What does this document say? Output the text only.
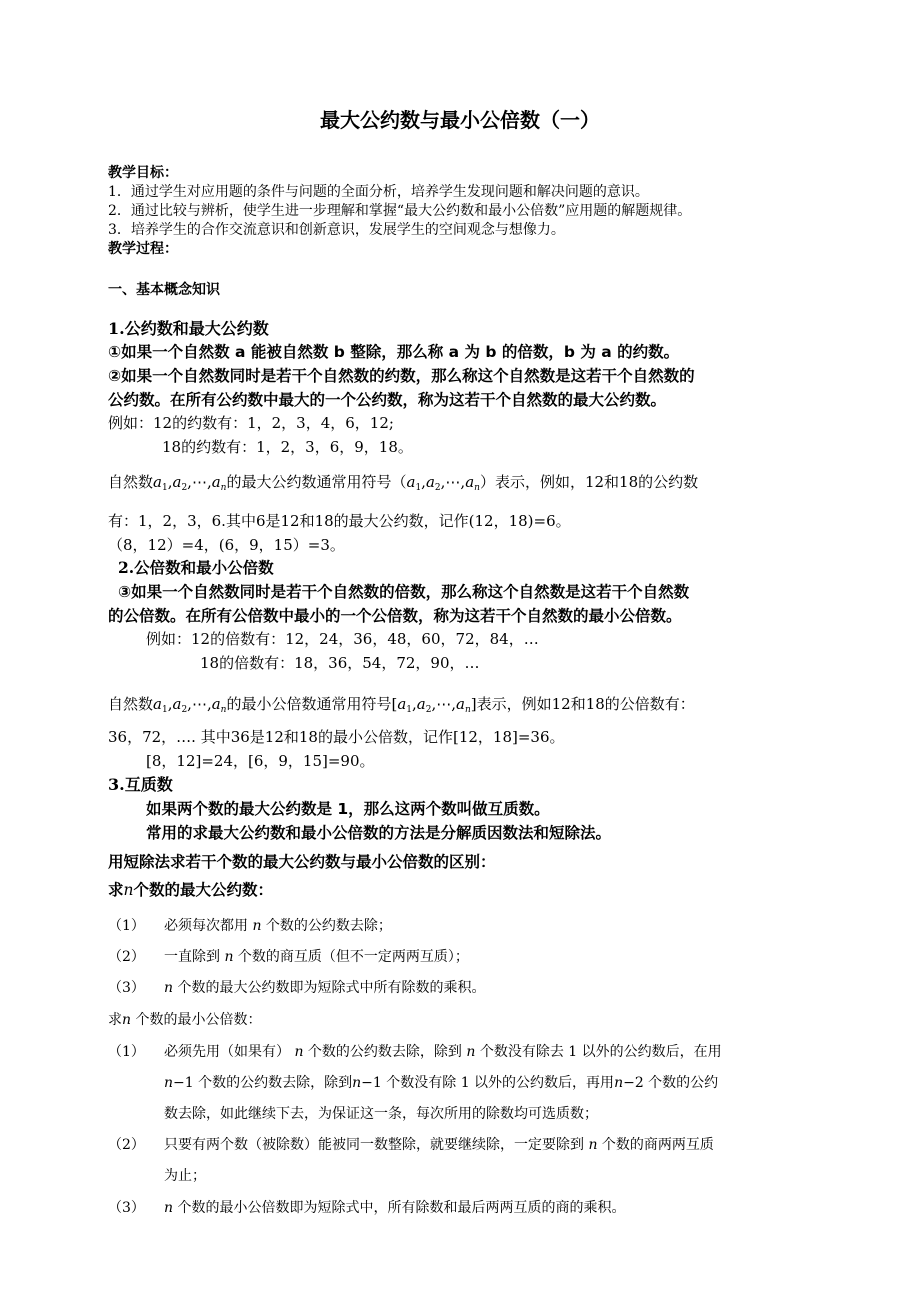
最大公约数与最小公倍数（一）
教学目标：
1．通过学生对应用题的条件与问题的全面分析，培养学生发现问题和解决问题的意识。
2．通过比较与辨析，使学生进一步理解和掌握“最大公约数和最小公倍数”应用题的解题规律。
3．培养学生的合作交流意识和创新意识，发展学生的空间观念与想像力。
教学过程：
一、基本概念知识
1.公约数和最大公约数
①如果一个自然数 a 能被自然数 b 整除，那么称 a 为 b 的倍数，b 为 a 的约数。
②如果一个自然数同时是若干个自然数的约数，那么称这个自然数是这若干个自然数的
公约数。在所有公约数中最大的一个公约数，称为这若干个自然数的最大公约数。
例如：12的约数有：1，2，3，4，6，12;
18的约数有：1，2，3，6，9，18。
自然数$a_1,a_2,\cdots,a_n$的最大公约数通常用符号$(a_1,a_2,\cdots,a_n)$表示，例如，12和18的公约数
有：1，2，3，6.其中6是12和18的最大公约数，记作(12，18)=6。
（8，12）=4，(6，9，15）=3。
2.公倍数和最小公倍数
③如果一个自然数同时是若干个自然数的倍数，那么称这个自然数是这若干个自然数
的公倍数。在所有公倍数中最小的一个公倍数，称为这若干个自然数的最小公倍数。
例如：12的倍数有：12，24，36，48，60，72，84，…
18的倍数有：18，36，54，72，90，…
自然数$a_1,a_2,\cdots,a_n$的最小公倍数通常用符号$[a_1,a_2,\cdots,a_n]$表示，例如12和18的公倍数有：
36，72，…. 其中36是12和18的最小公倍数，记作[12，18]=36。
[8，12]=24，[6，9，15]=90。
3.互质数
如果两个数的最大公约数是 1，那么这两个数叫做互质数。
常用的求最大公约数和最小公倍数的方法是分解质因数法和短除法。
用短除法求若干个数的最大公约数与最小公倍数的区别：
求n个数的最大公约数：
（1） 必须每次都用 n 个数的公约数去除；
（2） 一直除到 n 个数的商互质（但不一定两两互质）；
（3） n 个数的最大公约数即为短除式中所有除数的乘积。
求n 个数的最小公倍数：
（1） 必须先用（如果有） n 个数的公约数去除，除到 n 个数没有除去 1 以外的公约数后，在用
n−1 个数的公约数去除，除到n−1 个数没有除 1 以外的公约数后，再用n−2 个数的公约
数去除，如此继续下去，为保证这一条，每次所用的除数均可选质数；
（2） 只要有两个数（被除数）能被同一数整除，就要继续除，一定要除到 n 个数的商两两互质
为止；
（3） n 个数的最小公倍数即为短除式中，所有除数和最后两两互质的商的乘积。
